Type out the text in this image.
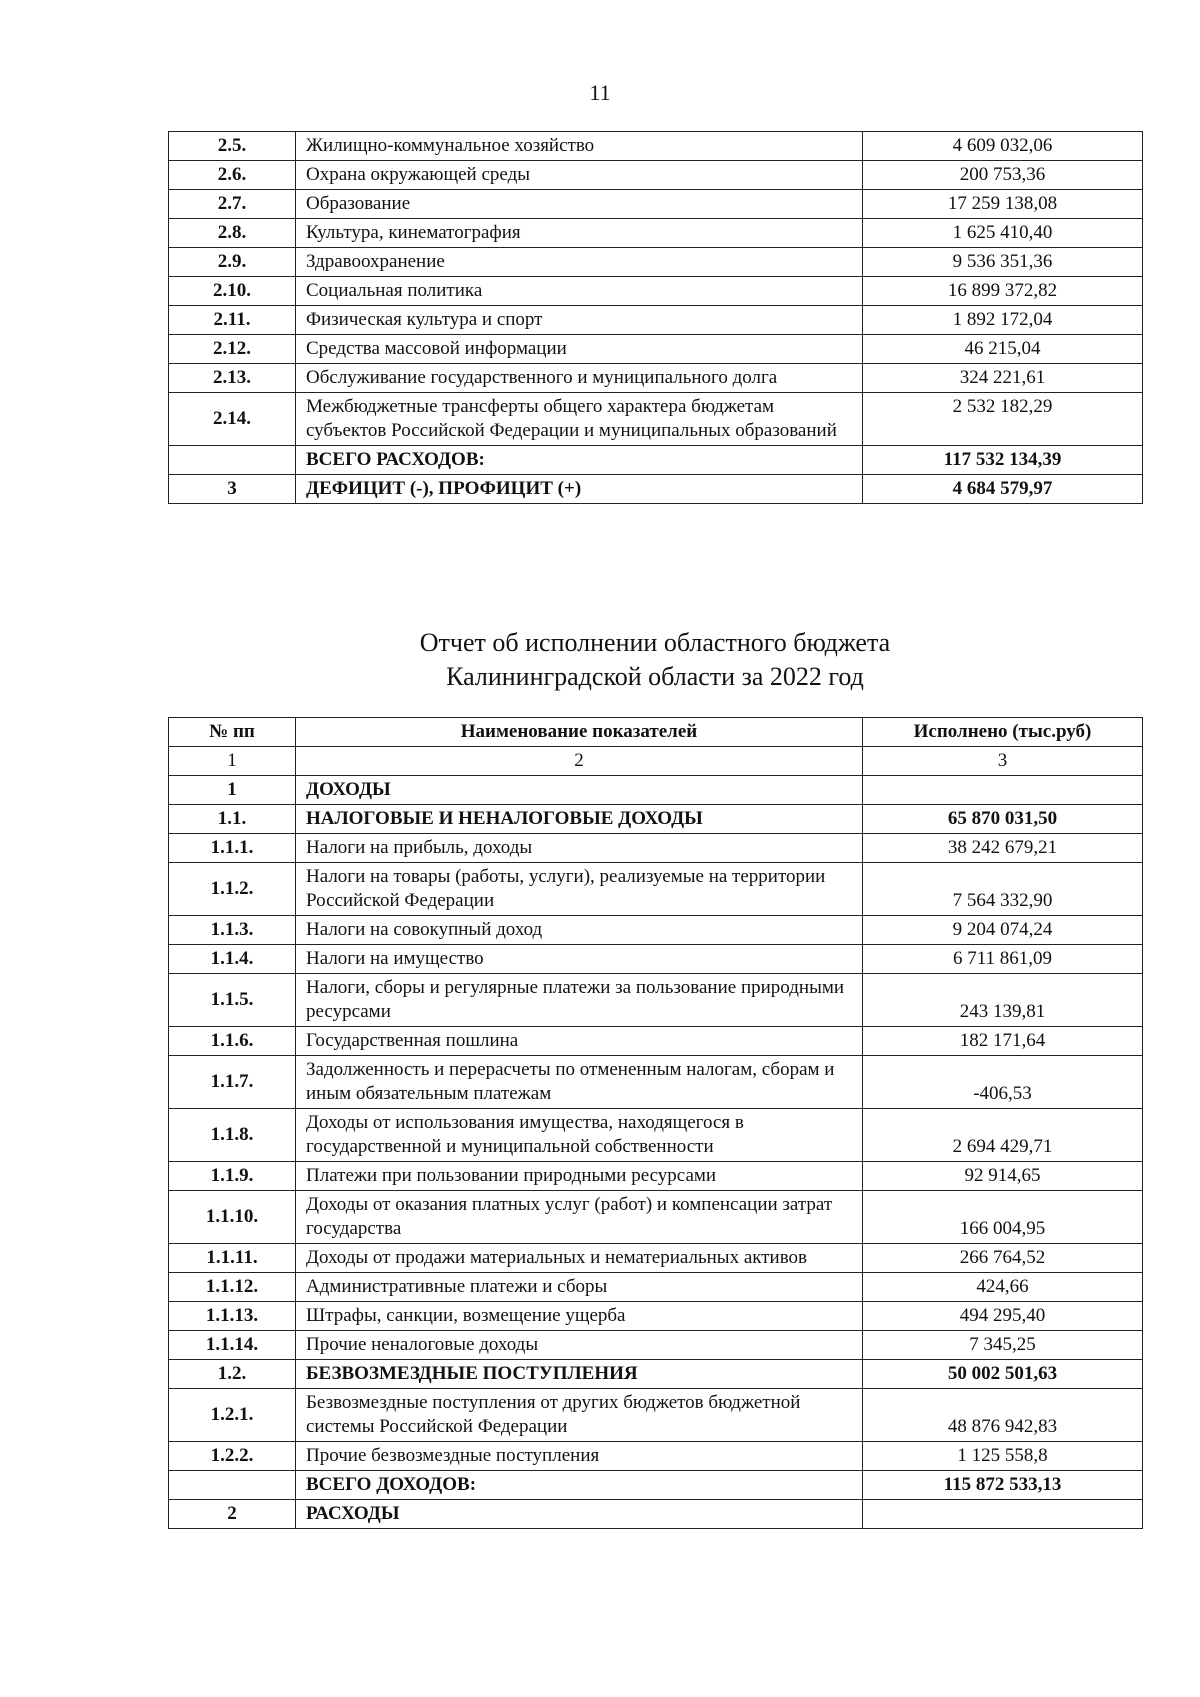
11
2.5.	Жилищно-коммунальное хозяйство	4 609 032,06
2.6.	Охрана окружающей среды	200 753,36
2.7.	Образование	17 259 138,08
2.8.	Культура, кинематография	1 625 410,40
2.9.	Здравоохранение	9 536 351,36
2.10.	Социальная политика	16 899 372,82
2.11.	Физическая культура и спорт	1 892 172,04
2.12.	Средства массовой информации	46 215,04
2.13.	Обслуживание государственного и муниципального долга	324 221,61
2.14.	Межбюджетные трансферты общего характера бюджетам субъектов Российской Федерации и муниципальных образований	2 532 182,29
	ВСЕГО РАСХОДОВ:	117 532 134,39
3	ДЕФИЦИТ (-), ПРОФИЦИТ (+)	4 684 579,97
Отчет об исполнении областного бюджета
Калининградской области за 2022 год
№ пп	Наименование показателей	Исполнено (тыс.руб)
1	2	3
1	ДОХОДЫ	
1.1.	НАЛОГОВЫЕ И НЕНАЛОГОВЫЕ ДОХОДЫ	65 870 031,50
1.1.1.	Налоги на прибыль, доходы	38 242 679,21
1.1.2.	Налоги на товары (работы, услуги), реализуемые на территории Российской Федерации	7 564 332,90
1.1.3.	Налоги на совокупный доход	9 204 074,24
1.1.4.	Налоги на имущество	6 711 861,09
1.1.5.	Налоги, сборы и регулярные платежи за пользование природными ресурсами	243 139,81
1.1.6.	Государственная пошлина	182 171,64
1.1.7.	Задолженность и перерасчеты по отмененным налогам, сборам и иным обязательным платежам	-406,53
1.1.8.	Доходы от использования имущества, находящегося в государственной и муниципальной собственности	2 694 429,71
1.1.9.	Платежи при пользовании природными ресурсами	92 914,65
1.1.10.	Доходы от оказания платных услуг (работ) и компенсации затрат государства	166 004,95
1.1.11.	Доходы от продажи материальных и нематериальных активов	266 764,52
1.1.12.	Административные платежи и сборы	424,66
1.1.13.	Штрафы, санкции, возмещение ущерба	494 295,40
1.1.14.	Прочие неналоговые доходы	7 345,25
1.2.	БЕЗВОЗМЕЗДНЫЕ ПОСТУПЛЕНИЯ	50 002 501,63
1.2.1.	Безвозмездные поступления от других бюджетов бюджетной системы Российской Федерации	48 876 942,83
1.2.2.	Прочие безвозмездные поступления	1 125 558,8
	ВСЕГО ДОХОДОВ:	115 872 533,13
2	РАСХОДЫ	
